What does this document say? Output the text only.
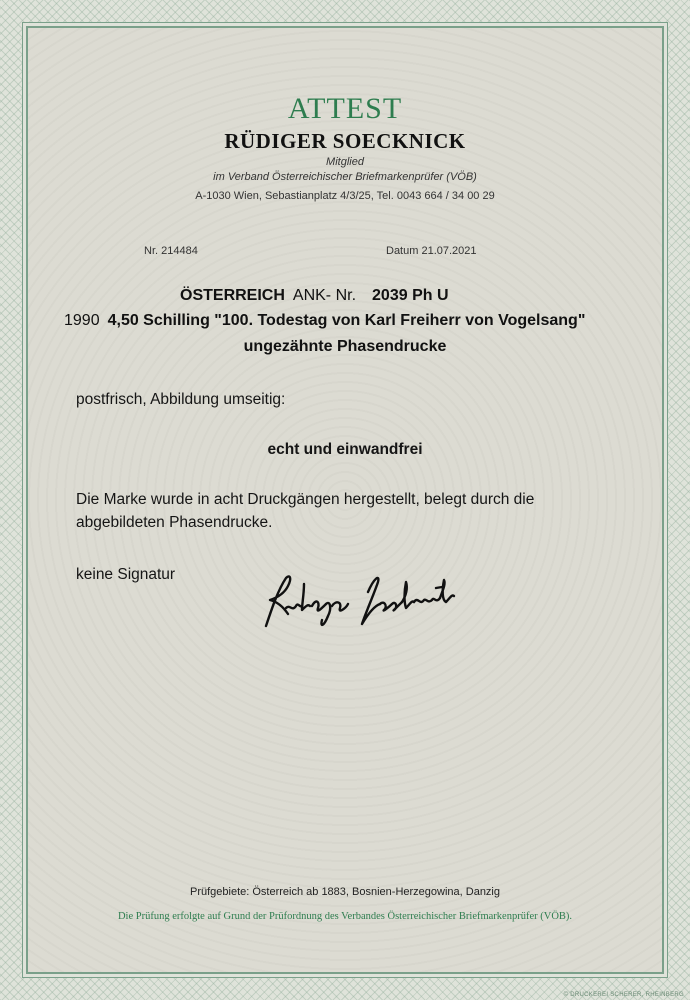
ATTEST

RÜDIGER SOECKNICK

Mitglied

im Verband Österreichischer Briefmarkenprüfer (VÖB)

A-1030 Wien, Sebastianplatz 4/3/25, Tel. 0043 664 / 34 00 29

Nr. 214484	Datum 21.07.2021

ÖSTERREICH ANK- Nr. 2039 Ph U

1990 4,50 Schilling "100. Todestag von Karl Freiherr von Vogelsang"

ungezähnte Phasendrucke

postfrisch, Abbildung umseitig:

echt und einwandfrei

Die Marke wurde in acht Druckgängen hergestellt, belegt durch die

abgebildeten Phasendrucke.

keine Signatur

Prüfgebiete: Österreich ab 1883, Bosnien-Herzegowina, Danzig

Die Prüfung erfolgte auf Grund der Prüfordnung des Verbandes Österreichischer Briefmarkenprüfer (VÖB).

© DRUCKEREI SCHERER, RHEINBERG
